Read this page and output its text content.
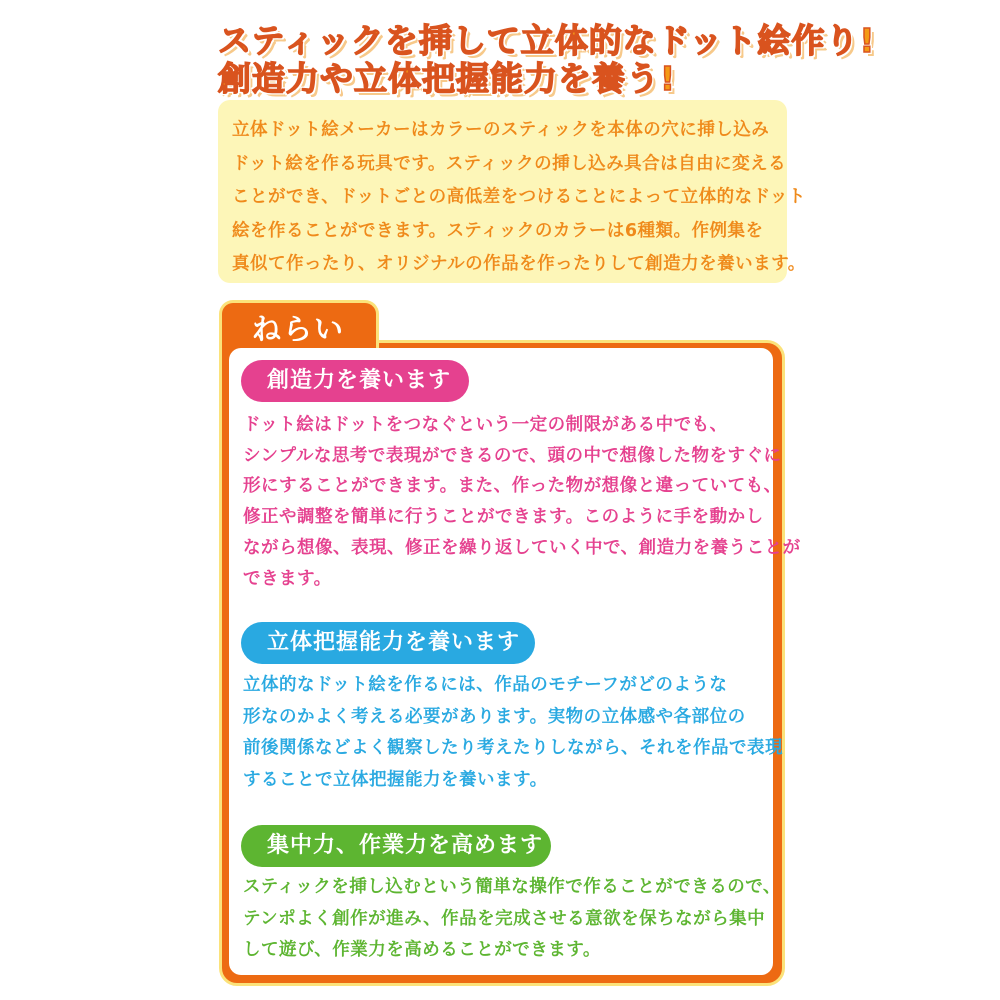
スティックを挿して立体的なドット絵作り!
創造力や立体把握能力を養う!

立体ドット絵メーカーはカラーのスティックを本体の穴に挿し込み

ドット絵を作る玩具です。スティックの挿し込み具合は自由に変える

ことができ、ドットごとの高低差をつけることによって立体的なドット

絵を作ることができます。スティックのカラーは6種類。作例集を

真似て作ったり、オリジナルの作品を作ったりして創造力を養います。

ねらい
創造力を養います

ドット絵はドットをつなぐという一定の制限がある中でも、

シンプルな思考で表現ができるので、頭の中で想像した物をすぐに

形にすることができます。また、作った物が想像と違っていても、

修正や調整を簡単に行うことができます。このように手を動かし

ながら想像、表現、修正を繰り返していく中で、創造力を養うことが

できます。

立体把握能力を養います

立体的なドット絵を作るには、作品のモチーフがどのような

形なのかよく考える必要があります。実物の立体感や各部位の

前後関係などよく観察したり考えたりしながら、それを作品で表現

することで立体把握能力を養います。

集中力、作業力を高めます

スティックを挿し込むという簡単な操作で作ることができるので、

テンポよく創作が進み、作品を完成させる意欲を保ちながら集中

して遊び、作業力を高めることができます。
